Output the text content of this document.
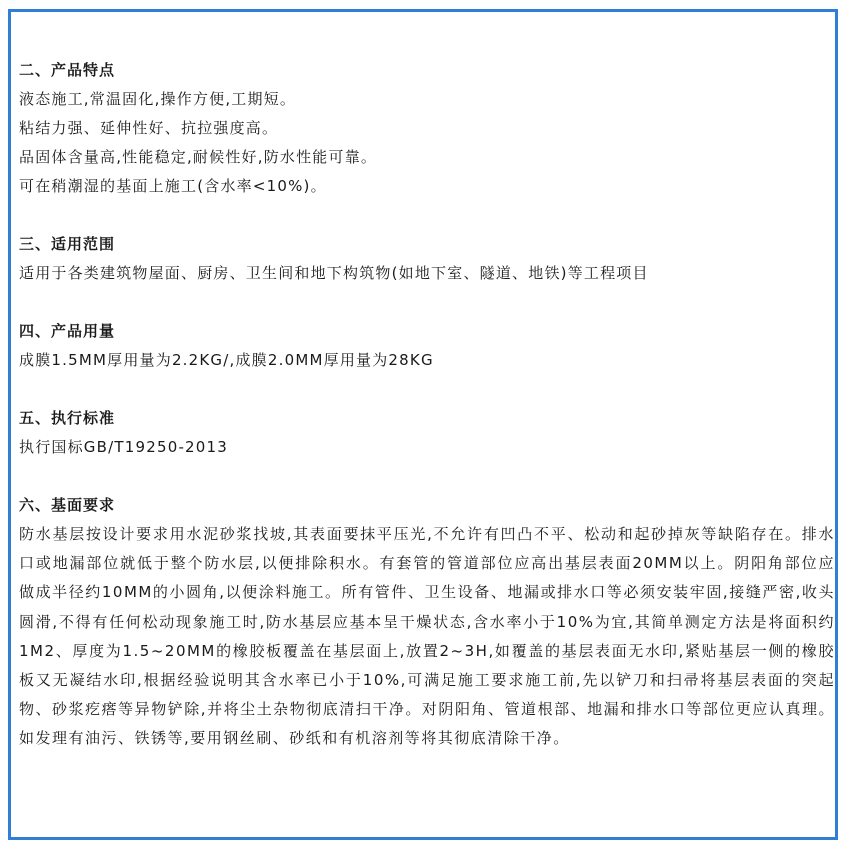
二、产品特点
液态施工,常温固化,操作方便,工期短。
粘结力强、延伸性好、抗拉强度高。
品固体含量高,性能稳定,耐候性好,防水性能可靠。
可在稍潮湿的基面上施工(含水率<10%)。
三、适用范围
适用于各类建筑物屋面、厨房、卫生间和地下构筑物(如地下室、隧道、地铁)等工程项目
四、产品用量
成膜1.5MM厚用量为2.2KG/,成膜2.0MM厚用量为28KG
五、执行标准
执行国标GB/T19250-2013
六、基面要求

防水基层按设计要求用水泥砂浆找坡,其表面要抹平压光,不允许有凹凸不平、松动和起砂掉灰等缺陷存在。排水口或地漏部位就低于整个防水层,以便排除积水。有套管的管道部位应高出基层表面20MM以上。阴阳角部位应做成半径约10MM的小圆角,以便涂料施工。所有管件、卫生设备、地漏或排水口等必须安装牢固,接缝严密,收头圆滑,不得有任何松动现象施工时,防水基层应基本呈干燥状态,含水率小于10%为宜,其简单测定方法是将面积约1M2、厚度为1.5~20MM的橡胶板覆盖在基层面上,放置2~3H,如覆盖的基层表面无水印,紧贴基层一侧的橡胶板又无凝结水印,根据经验说明其含水率已小于10%,可满足施工要求施工前,先以铲刀和扫帚将基层表面的突起物、砂浆疙瘩等异物铲除,并将尘土杂物彻底清扫干净。对阴阳角、管道根部、地漏和排水口等部位更应认真理。如发理有油污、铁锈等,要用钢丝刷、砂纸和有机溶剂等将其彻底清除干净。
